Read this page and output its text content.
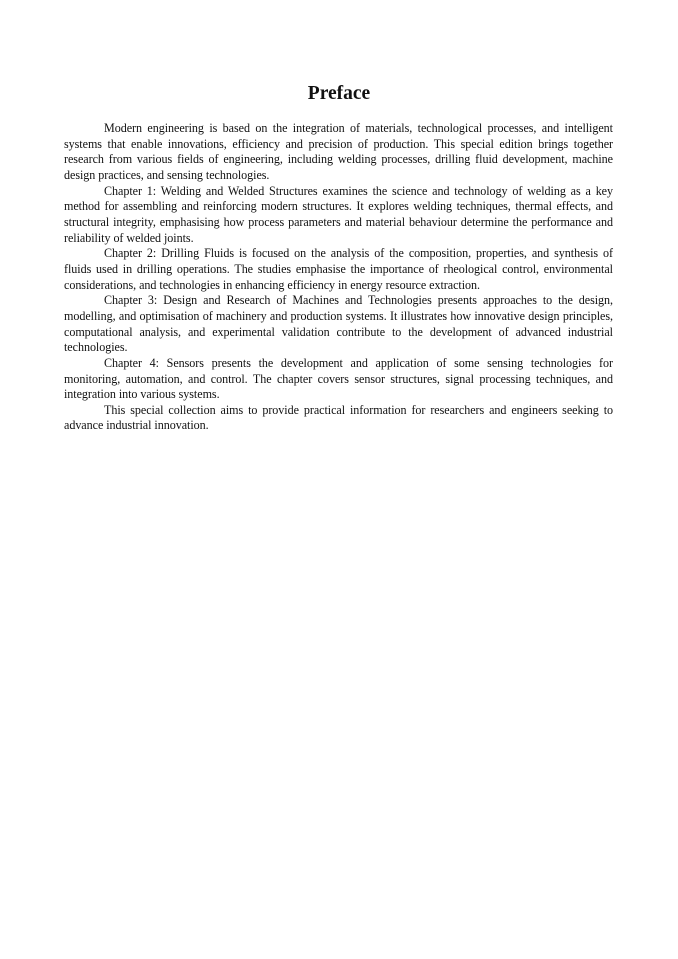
Preface

Modern engineering is based on the integration of materials, technological processes, and intelligent systems that enable innovations, efficiency and precision of production. This special edition brings together research from various fields of engineering, including welding processes, drilling fluid development, machine design practices, and sensing technologies.

Chapter 1: Welding and Welded Structures examines the science and technology of welding as a key method for assembling and reinforcing modern structures. It explores welding techniques, thermal effects, and structural integrity, emphasising how process parameters and material behaviour determine the performance and reliability of welded joints.

Chapter 2: Drilling Fluids is focused on the analysis of the composition, properties, and synthesis of fluids used in drilling operations. The studies emphasise the importance of rheological control, environmental considerations, and technologies in enhancing efficiency in energy resource extraction.

Chapter 3: Design and Research of Machines and Technologies presents approaches to the design, modelling, and optimisation of machinery and production systems. It illustrates how innovative design principles, computational analysis, and experimental validation contribute to the development of advanced industrial technologies.

Chapter 4: Sensors presents the development and application of some sensing technologies for monitoring, automation, and control. The chapter covers sensor structures, signal processing techniques, and integration into various systems.

This special collection aims to provide practical information for researchers and engineers seeking to advance industrial innovation.
